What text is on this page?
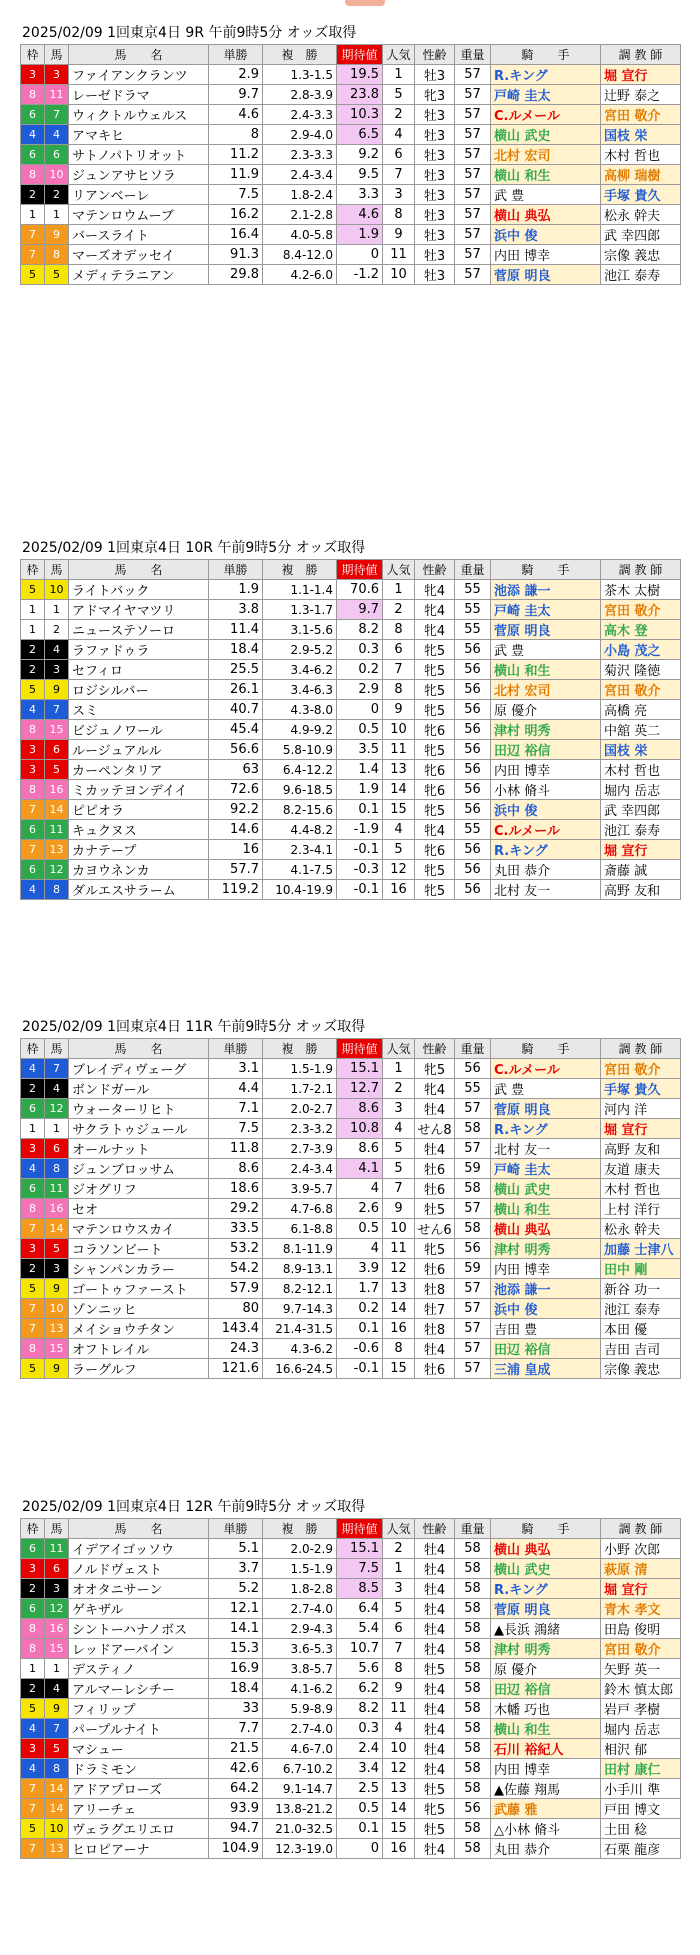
2025/02/09 1回東京4日 9R 午前9時5分 オッズ取得
枠	馬	馬　　名	単勝	複　勝	期待値	人気	性齢	重量	騎　　手	調 教 師
3	3	ファイアンクランツ	2.9	1.3-1.5	19.5	1	牡3	57	R.キング	堀 宣行
8	11	レーゼドラマ	9.7	2.8-3.9	23.8	5	牝3	57	戸崎 圭太	辻野 泰之
6	7	ウィクトルウェルス	4.6	2.4-3.3	10.3	2	牡3	57	C.ルメール	宮田 敬介
4	4	アマキヒ	8	2.9-4.0	6.5	4	牡3	57	横山 武史	国枝 栄
6	6	サトノパトリオット	11.2	2.3-3.3	9.2	6	牡3	57	北村 宏司	木村 哲也
8	10	ジュンアサヒソラ	11.9	2.4-3.4	9.5	7	牡3	57	横山 和生	高柳 瑞樹
2	2	リアンベーレ	7.5	1.8-2.4	3.3	3	牡3	57	武 豊	手塚 貴久
1	1	マテンロウムーブ	16.2	2.1-2.8	4.6	8	牡3	57	横山 典弘	松永 幹夫
7	9	バースライト	16.4	4.0-5.8	1.9	9	牡3	57	浜中 俊	武 幸四郎
7	8	マーズオデッセイ	91.3	8.4-12.0	0	11	牡3	57	内田 博幸	宗像 義忠
5	5	メディテラニアン	29.8	4.2-6.0	-1.2	10	牡3	57	菅原 明良	池江 泰寿
2025/02/09 1回東京4日 10R 午前9時5分 オッズ取得
枠	馬	馬　　名	単勝	複　勝	期待値	人気	性齢	重量	騎　　手	調 教 師
5	10	ライトバック	1.9	1.1-1.4	70.6	1	牝4	55	池添 謙一	茶木 太樹
1	1	アドマイヤマツリ	3.8	1.3-1.7	9.7	2	牝4	55	戸崎 圭太	宮田 敬介
1	2	ニューステソーロ	11.4	3.1-5.6	8.2	8	牝4	55	菅原 明良	高木 登
2	4	ラファドゥラ	18.4	2.9-5.2	0.3	6	牝5	56	武 豊	小島 茂之
2	3	セフィロ	25.5	3.4-6.2	0.2	7	牝5	56	横山 和生	菊沢 隆徳
5	9	ロジシルバー	26.1	3.4-6.3	2.9	8	牝5	56	北村 宏司	宮田 敬介
4	7	スミ	40.7	4.3-8.0	0	9	牝5	56	原 優介	高橋 亮
8	15	ビジュノワール	45.4	4.9-9.2	0.5	10	牝6	56	津村 明秀	中舘 英二
3	6	ルージュアルル	56.6	5.8-10.9	3.5	11	牝5	56	田辺 裕信	国枝 栄
3	5	カーペンタリア	63	6.4-12.2	1.4	13	牝6	56	内田 博幸	木村 哲也
8	16	ミカッテヨンデイイ	72.6	9.6-18.5	1.9	14	牝6	56	小林 脩斗	堀内 岳志
7	14	ピピオラ	92.2	8.2-15.6	0.1	15	牝5	56	浜中 俊	武 幸四郎
6	11	キュクヌス	14.6	4.4-8.2	-1.9	4	牝4	55	C.ルメール	池江 泰寿
7	13	カナテープ	16	2.3-4.1	-0.1	5	牝6	56	R.キング	堀 宣行
6	12	カヨウネンカ	57.7	4.1-7.5	-0.3	12	牝5	56	丸田 恭介	斎藤 誠
4	8	ダルエスサラーム	119.2	10.4-19.9	-0.1	16	牝5	56	北村 友一	高野 友和
2025/02/09 1回東京4日 11R 午前9時5分 オッズ取得
枠	馬	馬　　名	単勝	複　勝	期待値	人気	性齢	重量	騎　　手	調 教 師
4	7	ブレイディヴェーグ	3.1	1.5-1.9	15.1	1	牝5	56	C.ルメール	宮田 敬介
2	4	ボンドガール	4.4	1.7-2.1	12.7	2	牝4	55	武 豊	手塚 貴久
6	12	ウォーターリヒト	7.1	2.0-2.7	8.6	3	牡4	57	菅原 明良	河内 洋
1	1	サクラトゥジュール	7.5	2.3-3.2	10.8	4	せん8	58	R.キング	堀 宣行
3	6	オールナット	11.8	2.7-3.9	8.6	5	牡4	57	北村 友一	高野 友和
4	8	ジュンブロッサム	8.6	2.4-3.4	4.1	5	牡6	59	戸崎 圭太	友道 康夫
6	11	ジオグリフ	18.6	3.9-5.7	4	7	牡6	58	横山 武史	木村 哲也
8	16	セオ	29.2	4.7-6.8	2.6	9	牡5	57	横山 和生	上村 洋行
7	14	マテンロウスカイ	33.5	6.1-8.8	0.5	10	せん6	58	横山 典弘	松永 幹夫
3	5	コラソンビート	53.2	8.1-11.9	4	11	牝5	56	津村 明秀	加藤 士津八
2	3	シャンパンカラー	54.2	8.9-13.1	3.9	12	牡6	59	内田 博幸	田中 剛
5	9	ゴートゥファースト	57.9	8.2-12.1	1.7	13	牡8	57	池添 謙一	新谷 功一
7	10	ゾンニッヒ	80	9.7-14.3	0.2	14	牡7	57	浜中 俊	池江 泰寿
7	13	メイショウチタン	143.4	21.4-31.5	0.1	16	牡8	57	吉田 豊	本田 優
8	15	オフトレイル	24.3	4.3-6.2	-0.6	8	牡4	57	田辺 裕信	吉田 吉司
5	9	ラーグルフ	121.6	16.6-24.5	-0.1	15	牡6	57	三浦 皇成	宗像 義忠
2025/02/09 1回東京4日 12R 午前9時5分 オッズ取得
枠	馬	馬　　名	単勝	複　勝	期待値	人気	性齢	重量	騎　　手	調 教 師
6	11	イデアイゴッソウ	5.1	2.0-2.9	15.1	2	牡4	58	横山 典弘	小野 次郎
3	6	ノルドヴェスト	3.7	1.5-1.9	7.5	1	牡4	58	横山 武史	萩原 清
2	3	オオタニサーン	5.2	1.8-2.8	8.5	3	牡4	58	R.キング	堀 宣行
6	12	ゲキザル	12.1	2.7-4.0	6.4	5	牡4	58	菅原 明良	青木 孝文
8	16	シントーハナノボス	14.1	2.9-4.3	5.4	6	牡4	58	▲長浜 鴻緒	田島 俊明
8	15	レッドアーバイン	15.3	3.6-5.3	10.7	7	牡4	58	津村 明秀	宮田 敬介
1	1	デスティノ	16.9	3.8-5.7	5.6	8	牡5	58	原 優介	矢野 英一
2	4	アルマーレシチー	18.4	4.1-6.2	6.2	9	牡4	58	田辺 裕信	鈴木 慎太郎
5	9	フィリップ	33	5.9-8.9	8.2	11	牡4	58	木幡 巧也	岩戸 孝樹
4	7	パープルナイト	7.7	2.7-4.0	0.3	4	牡4	58	横山 和生	堀内 岳志
3	5	マシュー	21.5	4.6-7.0	2.4	10	牡4	58	石川 裕紀人	相沢 郁
4	8	ドラミモン	42.6	6.7-10.2	3.4	12	牡4	58	内田 博幸	田村 康仁
7	14	アドアプローズ	64.2	9.1-14.7	2.5	13	牡5	58	▲佐藤 翔馬	小手川 準
7	14	アリーチェ	93.9	13.8-21.2	0.5	14	牝5	56	武藤 雅	戸田 博文
5	10	ヴェラグエリエロ	94.7	21.0-32.5	0.1	15	牡5	58	△小林 脩斗	土田 稔
7	13	ヒロピアーナ	104.9	12.3-19.0	0	16	牡4	58	丸田 恭介	石栗 龍彦
